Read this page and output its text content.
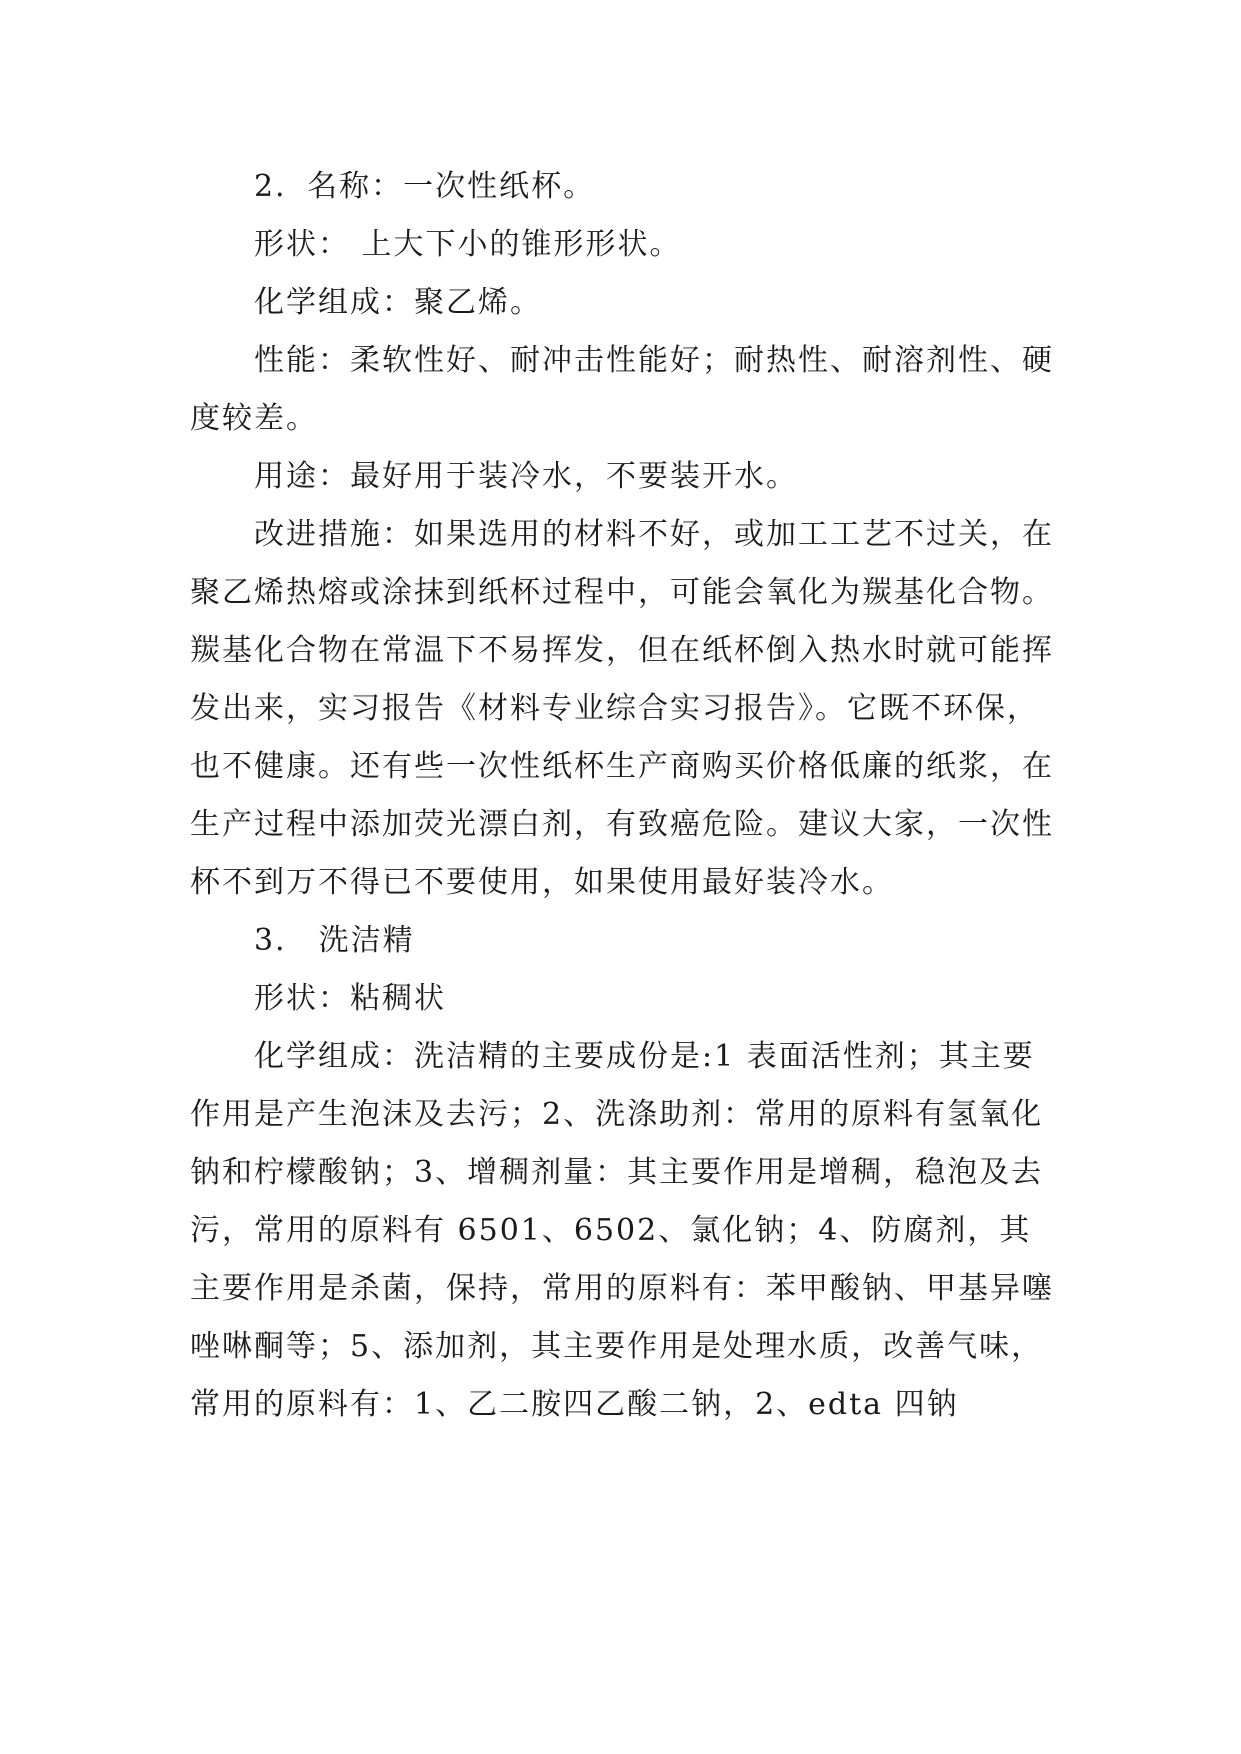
2．名称：一次性纸杯。

形状： 上大下小的锥形形状。

化学组成：聚乙烯。

性能：柔软性好、耐冲击性能好；耐热性、耐溶剂性、硬度较差。

用途：最好用于装冷水，不要装开水。

改进措施：如果选用的材料不好，或加工工艺不过关，在聚乙烯热熔或涂抹到纸杯过程中，可能会氧化为羰基化合物。羰基化合物在常温下不易挥发，但在纸杯倒入热水时就可能挥发出来，实习报告《材料专业综合实习报告》。它既不环保，也不健康。还有些一次性纸杯生产商购买价格低廉的纸浆，在生产过程中添加荧光漂白剂，有致癌危险。建议大家，一次性杯不到万不得已不要使用，如果使用最好装冷水。

3． 洗洁精

形状：粘稠状

化学组成：洗洁精的主要成份是:1 表面活性剂；其主要作用是产生泡沫及去污；2、洗涤助剂：常用的原料有氢氧化钠和柠檬酸钠；3、增稠剂量：其主要作用是增稠，稳泡及去污，常用的原料有 6501、6502、氯化钠；4、防腐剂，其主要作用是杀菌，保持，常用的原料有：苯甲酸钠、甲基异噻唑啉酮等；5、添加剂，其主要作用是处理水质，改善气味，常用的原料有：1、乙二胺四乙酸二钠，2、edta 四钠
